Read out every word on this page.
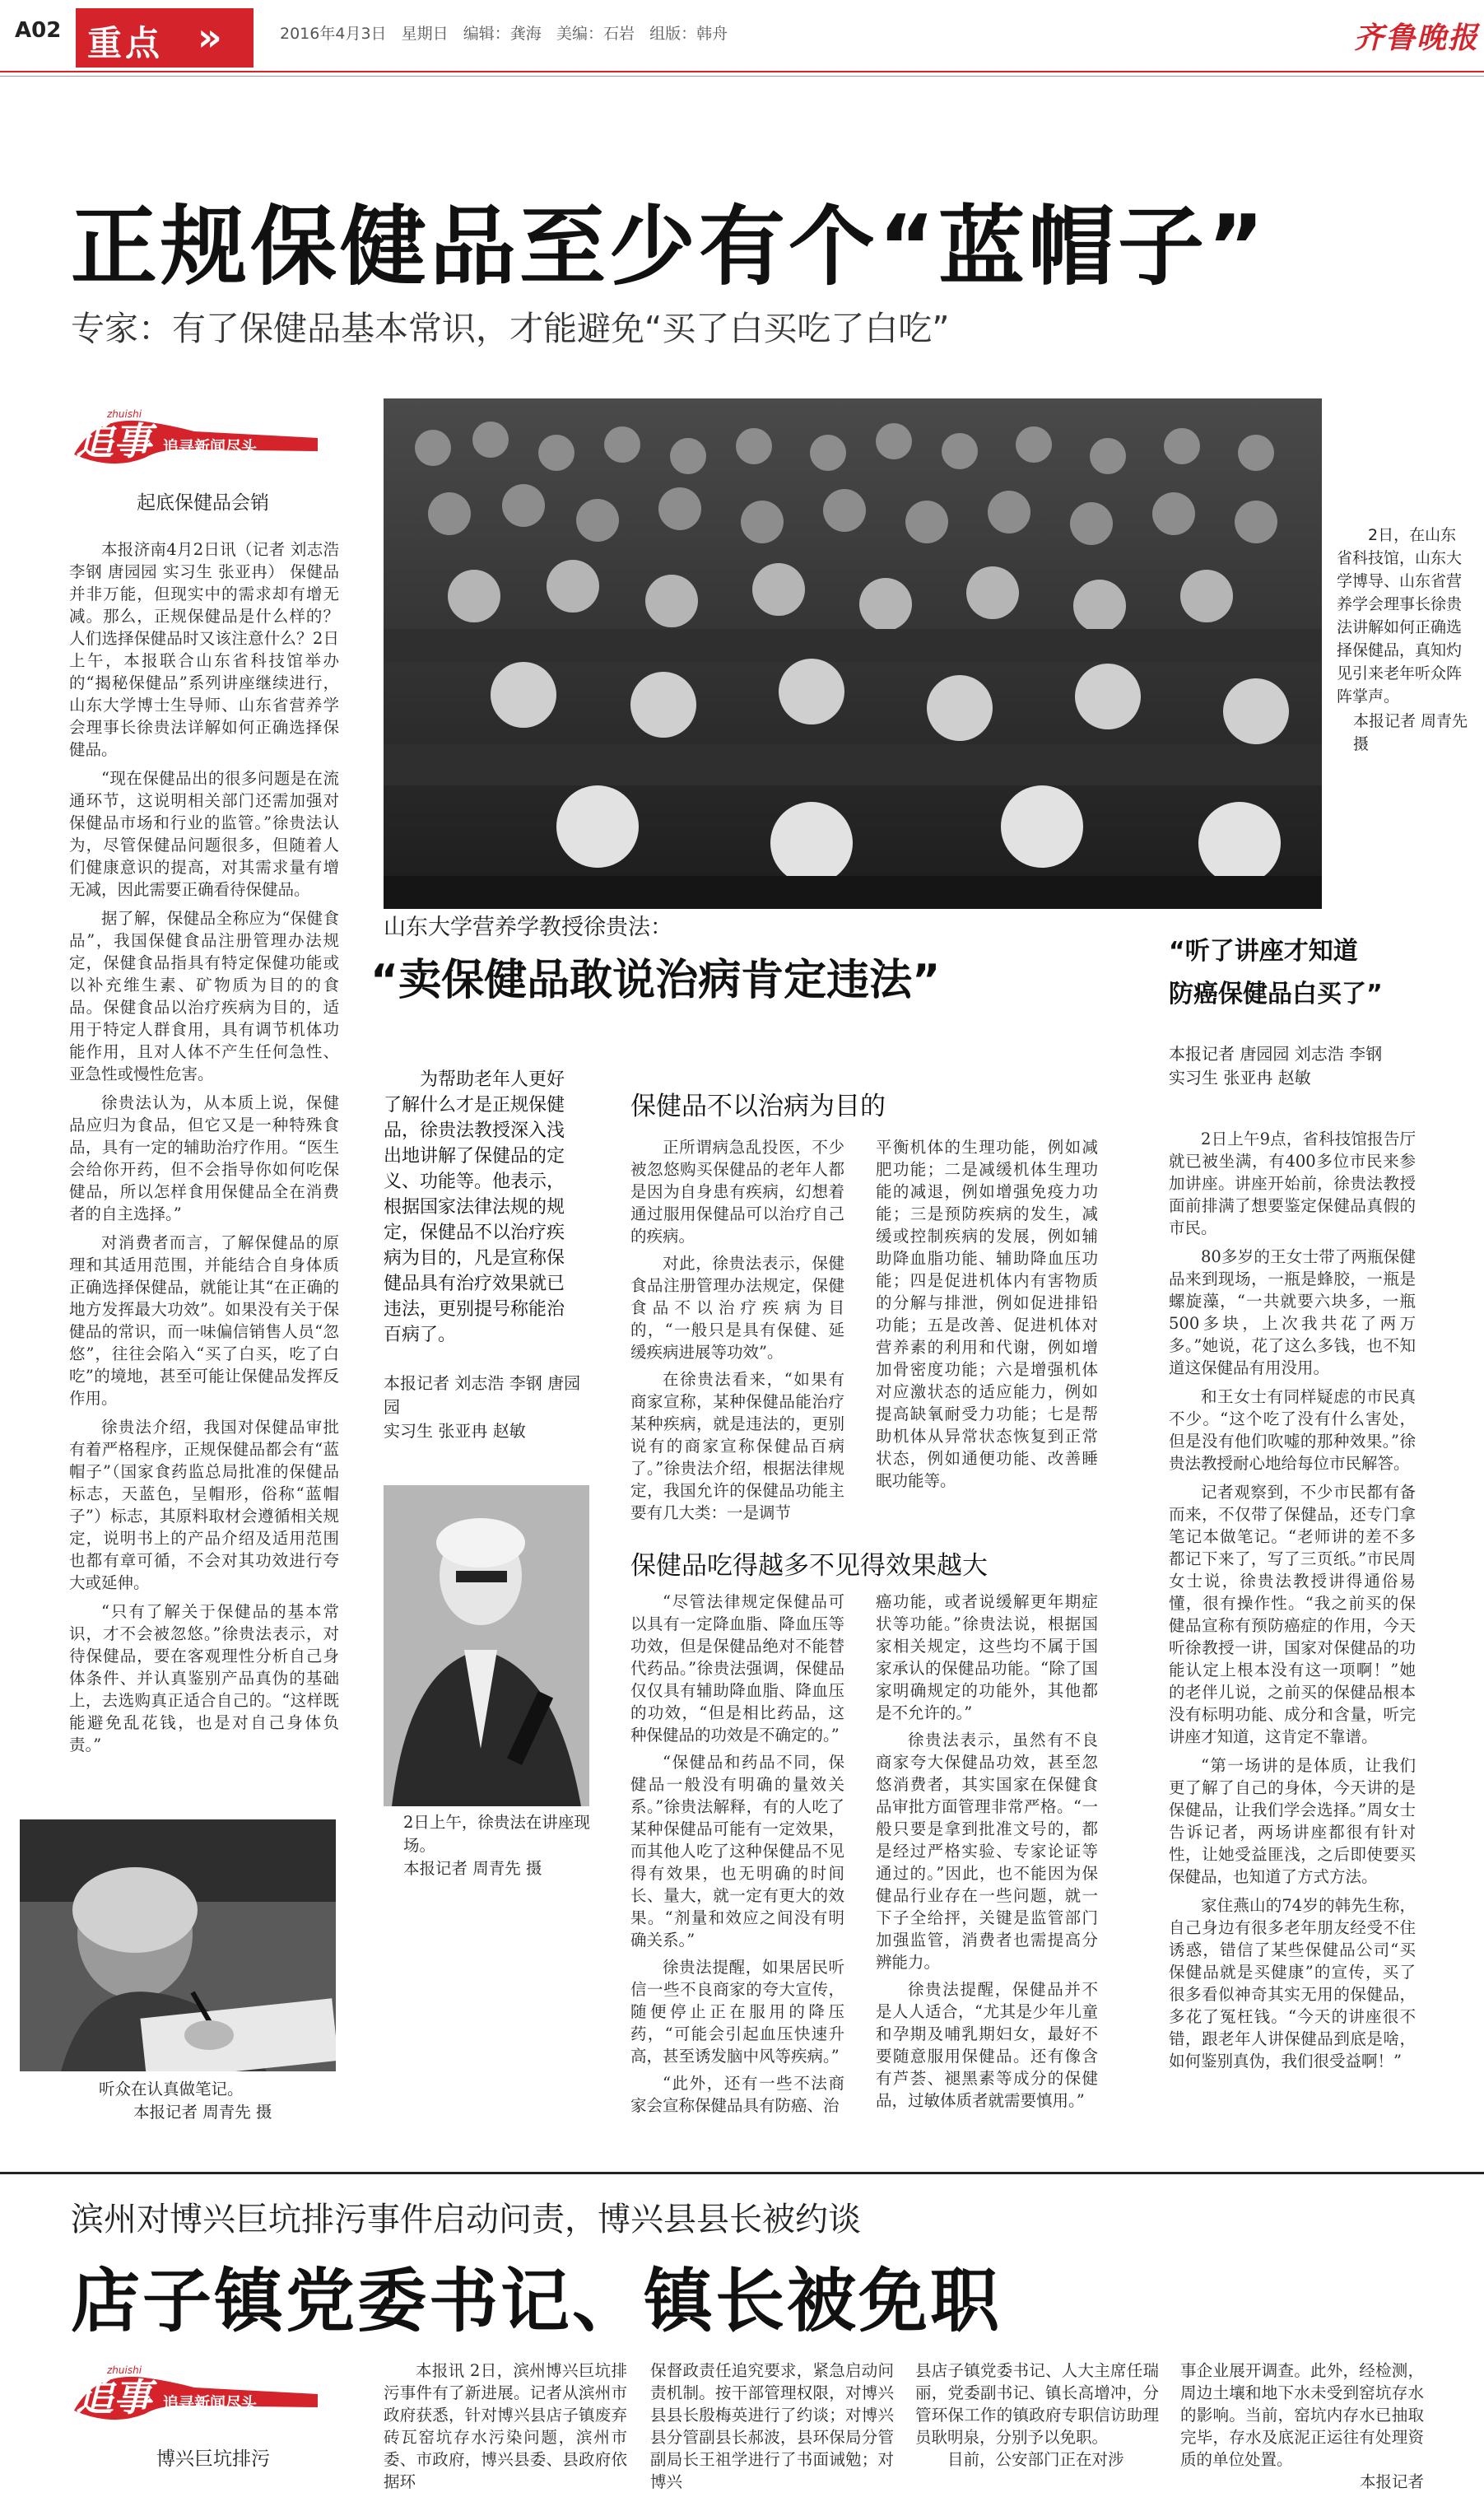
A02 重点 »	2016年4月3日 星期日 编辑：龚海 美编：石岩 组版：韩舟	齐鲁晚报
正规保健品至少有个“蓝帽子”
专家：有了保健品基本常识，才能避免“买了白买吃了白吃”
追事
zhuishi
追寻新闻尽头
起底保健品会销

本报济南4月2日讯（记者 刘志浩 李钢 唐园园 实习生 张亚冉） 保健品并非万能，但现实中的需求却有增无减。那么，正规保健品是什么样的？人们选择保健品时又该注意什么？2日上午，本报联合山东省科技馆举办的“揭秘保健品”系列讲座继续进行，山东大学博士生导师、山东省营养学会理事长徐贵法详解如何正确选择保健品。

“现在保健品出的很多问题是在流通环节，这说明相关部门还需加强对保健品市场和行业的监管。”徐贵法认为，尽管保健品问题很多，但随着人们健康意识的提高，对其需求量有增无减，因此需要正确看待保健品。

据了解，保健品全称应为“保健食品”，我国保健食品注册管理办法规定，保健食品指具有特定保健功能或以补充维生素、矿物质为目的的食品。保健食品以治疗疾病为目的，适用于特定人群食用，具有调节机体功能作用，且对人体不产生任何急性、亚急性或慢性危害。

徐贵法认为，从本质上说，保健品应归为食品，但它又是一种特殊食品，具有一定的辅助治疗作用。“医生会给你开药，但不会指导你如何吃保健品，所以怎样食用保健品全在消费者的自主选择。”

对消费者而言，了解保健品的原理和其适用范围，并能结合自身体质正确选择保健品，就能让其“在正确的地方发挥最大功效”。如果没有关于保健品的常识，而一味偏信销售人员“忽悠”，往往会陷入“买了白买，吃了白吃”的境地，甚至可能让保健品发挥反作用。

徐贵法介绍，我国对保健品审批有着严格程序，正规保健品都会有“蓝帽子”（国家食药监总局批准的保健品标志，天蓝色，呈帽形，俗称“蓝帽子”）标志，其原料取材会遵循相关规定，说明书上的产品介绍及适用范围也都有章可循，不会对其功效进行夸大或延伸。

“只有了解关于保健品的基本常识，才不会被忽悠。”徐贵法表示，对待保健品，要在客观理性分析自己身体条件、并认真鉴别产品真伪的基础上，去选购真正适合自己的。“这样既能避免乱花钱，也是对自己身体负责。”

听众在认真做笔记。
本报记者 周青先 摄
2日，在山东省科技馆，山东大学博导、山东省营养学会理事长徐贵法讲解如何正确选择保健品，真知灼见引来老年听众阵阵掌声。
本报记者 周青先 摄
山东大学营养学教授徐贵法：
“卖保健品敢说治病肯定违法”

为帮助老年人更好了解什么才是正规保健品，徐贵法教授深入浅出地讲解了保健品的定义、功能等。他表示，根据国家法律法规的规定，保健品不以治疗疾病为目的，凡是宣称保健品具有治疗效果就已违法，更别提号称能治百病了。

本报记者 刘志浩 李钢 唐园园
实习生 张亚冉 赵敏
2日上午，徐贵法在讲座现场。
本报记者 周青先 摄
保健品不以治病为目的

正所谓病急乱投医，不少被忽悠购买保健品的老年人都是因为自身患有疾病，幻想着通过服用保健品可以治疗自己的疾病。

对此，徐贵法表示，保健食品注册管理办法规定，保健食品不以治疗疾病为目的，“一般只是具有保健、延缓疾病进展等功效”。

在徐贵法看来，“如果有商家宣称，某种保健品能治疗某种疾病，就是违法的，更别说有的商家宣称保健品百病了。”徐贵法介绍，根据法律规定，我国允许的保健品功能主要有几大类：一是调节

平衡机体的生理功能，例如减肥功能；二是减缓机体生理功能的减退，例如增强免疫力功能；三是预防疾病的发生，减缓或控制疾病的发展，例如辅助降血脂功能、辅助降血压功能；四是促进机体内有害物质的分解与排泄，例如促进排铅功能；五是改善、促进机体对营养素的利用和代谢，例如增加骨密度功能；六是增强机体对应激状态的适应能力，例如提高缺氧耐受力功能；七是帮助机体从异常状态恢复到正常状态，例如通便功能、改善睡眠功能等。

保健品吃得越多不见得效果越大

“尽管法律规定保健品可以具有一定降血脂、降血压等功效，但是保健品绝对不能替代药品。”徐贵法强调，保健品仅仅具有辅助降血脂、降血压的功效，“但是相比药品，这种保健品的功效是不确定的。”

“保健品和药品不同，保健品一般没有明确的量效关系。”徐贵法解释，有的人吃了某种保健品可能有一定效果，而其他人吃了这种保健品不见得有效果，也无明确的时间长、量大，就一定有更大的效果。“剂量和效应之间没有明确关系。”

徐贵法提醒，如果居民听信一些不良商家的夸大宣传，随便停止正在服用的降压药，“可能会引起血压快速升高，甚至诱发脑中风等疾病。”

“此外，还有一些不法商家会宣称保健品具有防癌、治

癌功能，或者说缓解更年期症状等功能。”徐贵法说，根据国家相关规定，这些均不属于国家承认的保健品功能。“除了国家明确规定的功能外，其他都是不允许的。”

徐贵法表示，虽然有不良商家夸大保健品功效，甚至忽悠消费者，其实国家在保健食品审批方面管理非常严格。“一般只要是拿到批准文号的，都是经过严格实验、专家论证等通过的。”因此，也不能因为保健品行业存在一些问题，就一下子全给抨，关键是监管部门加强监管，消费者也需提高分辨能力。

徐贵法提醒，保健品并不是人人适合，“尤其是少年儿童和孕期及哺乳期妇女，最好不要随意服用保健品。还有像含有芦荟、褪黑素等成分的保健品，过敏体质者就需要慎用。”

“听了讲座才知道
防癌保健品白买了”
本报记者 唐园园 刘志浩 李钢
实习生 张亚冉 赵敏

2日上午9点，省科技馆报告厅就已被坐满，有400多位市民来参加讲座。讲座开始前，徐贵法教授面前排满了想要鉴定保健品真假的市民。

80多岁的王女士带了两瓶保健品来到现场，一瓶是蜂胶，一瓶是螺旋藻，“一共就要六块多，一瓶500多块，上次我共花了两万多。”她说，花了这么多钱，也不知道这保健品有用没用。

和王女士有同样疑虑的市民真不少。“这个吃了没有什么害处，但是没有他们吹嘘的那种效果。”徐贵法教授耐心地给每位市民解答。

记者观察到，不少市民都有备而来，不仅带了保健品，还专门拿笔记本做笔记。“老师讲的差不多都记下来了，写了三页纸。”市民周女士说，徐贵法教授讲得通俗易懂，很有操作性。“我之前买的保健品宣称有预防癌症的作用，今天听徐教授一讲，国家对保健品的功能认定上根本没有这一项啊！”她的老伴儿说，之前买的保健品根本没有标明功能、成分和含量，听完讲座才知道，这肯定不靠谱。

“第一场讲的是体质，让我们更了解了自己的身体，今天讲的是保健品，让我们学会选择。”周女士告诉记者，两场讲座都很有针对性，让她受益匪浅，之后即使要买保健品，也知道了方式方法。

家住燕山的74岁的韩先生称，自己身边有很多老年朋友经受不住诱惑，错信了某些保健品公司“买保健品就是买健康”的宣传，买了很多看似神奇其实无用的保健品，多花了冤枉钱。“今天的讲座很不错，跟老年人讲保健品到底是啥，如何鉴别真伪，我们很受益啊！”

滨州对博兴巨坑排污事件启动问责，博兴县县长被约谈
店子镇党委书记、镇长被免职
追事
zhuishi
追寻新闻尽头
博兴巨坑排污

本报讯 2日，滨州博兴巨坑排污事件有了新进展。记者从滨州市政府获悉，针对博兴县店子镇废弃砖瓦窑坑存水污染问题，滨州市委、市政府，博兴县委、县政府依据环

保督政责任追究要求，紧急启动问责机制。按干部管理权限，对博兴县县长殷梅英进行了约谈；对博兴县分管副县长郝波，县环保局分管副局长王祖学进行了书面诫勉；对博兴

县店子镇党委书记、人大主席任瑞丽，党委副书记、镇长高增冲，分管环保工作的镇政府专职信访助理员耿明泉，分别予以免职。

目前，公安部门正在对涉

事企业展开调查。此外，经检测，周边土壤和地下水未受到窑坑存水的影响。当前，窑坑内存水已抽取完毕，存水及底泥正运往有处理资质的单位处置。

本报记者
